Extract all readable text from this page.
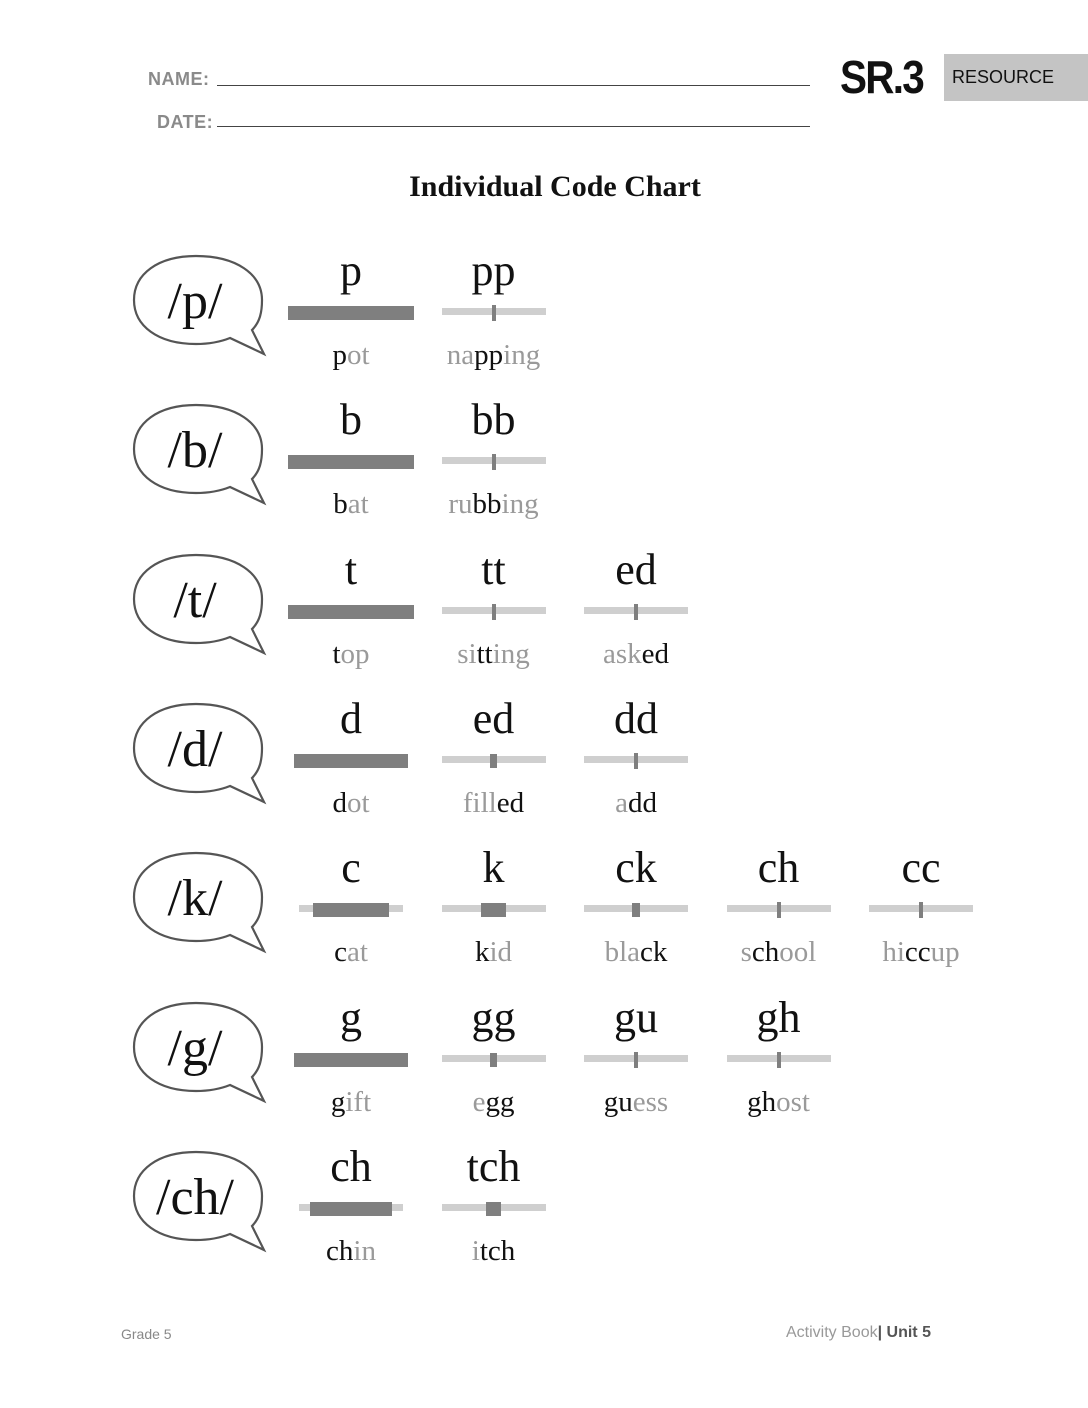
NAME:
DATE:
SR.3	RESOURCE
Individual Code Chart
/p/
p
pot
pp
napping
/b/
b
bat
bb
rubbing
/t/
t
top
tt
sitting
ed
asked
/d/
d
dot
ed
filled
dd
add
/k/
c
cat
k
kid
ck
black
ch
school
cc
hiccup
/g/
g
gift
gg
egg
gu
guess
gh
ghost
/ch/
ch
chin
tch
itch
Grade 5	Activity Book| Unit 5
